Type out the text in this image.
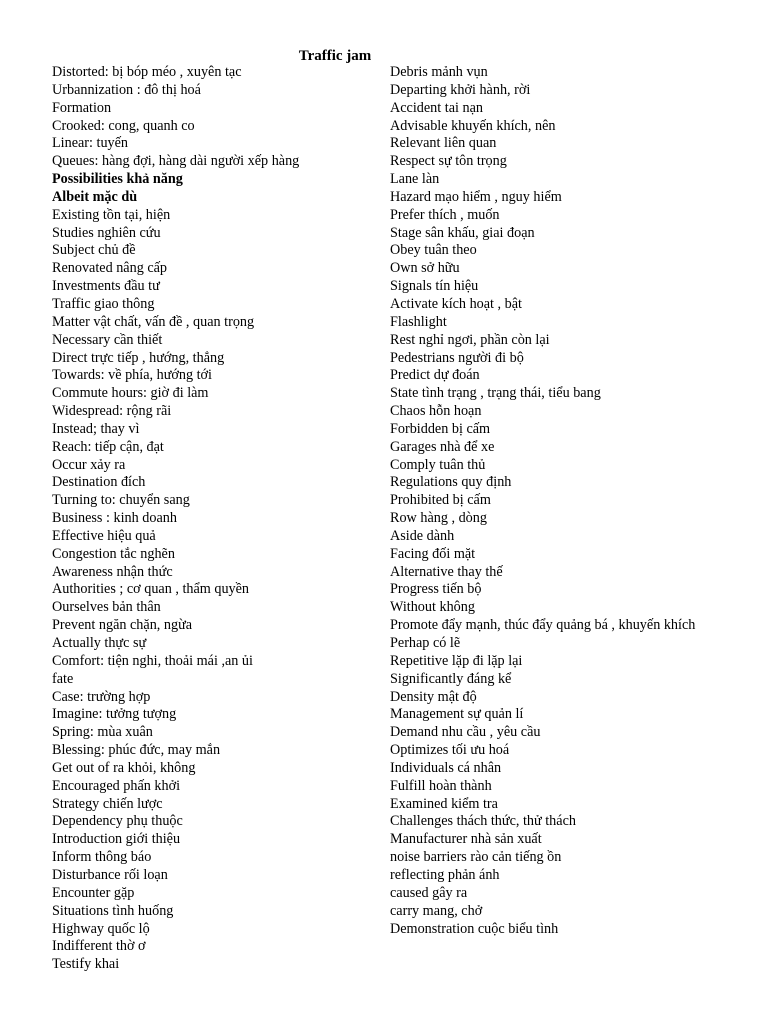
Traffic jam
Distorted: bị bóp méo , xuyên tạc
Urbannization : đô thị hoá
Formation
Crooked: cong, quanh co
Linear: tuyến
Queues: hàng đợi, hàng dài người xếp hàng
Possibilities khả năng
Albeit mặc dù
Existing tồn tại, hiện
Studies nghiên cứu
Subject chủ đề
Renovated nâng cấp
Investments đầu tư
Traffic giao thông
Matter vật chất, vấn đề , quan trọng
Necessary cần thiết
Direct trực tiếp , hướng, thẳng
Towards: về phía, hướng tới
Commute hours: giờ đi làm
Widespread: rộng rãi
Instead; thay vì
Reach: tiếp cận, đạt
Occur xảy ra
Destination đích
Turning to: chuyển sang
Business : kinh doanh
Effective hiệu quả
Congestion tắc nghẽn
Awareness nhận thức
Authorities ; cơ quan , thẩm quyền
Ourselves bản thân
Prevent ngăn chặn, ngừa
Actually thực sự
Comfort: tiện nghi, thoải mái ,an ủi
fate
Case: trường hợp
Imagine: tưởng tượng
Spring: mùa xuân
Blessing: phúc đức, may mắn
Get out of ra khỏi, không
Encouraged phấn khởi
Strategy chiến lược
Dependency phụ thuộc
Introduction giới thiệu
Inform thông báo
Disturbance rối loạn
Encounter gặp
Situations tình huống
Highway quốc lộ
Indifferent thờ ơ
Testify khai
Debris mảnh vụn
Departing khởi hành, rời
Accident tai nạn
Advisable khuyến khích, nên
Relevant liên quan
Respect sự tôn trọng
Lane làn
Hazard mạo hiểm , nguy hiểm
Prefer thích , muốn
Stage sân khấu, giai đoạn
Obey tuân theo
Own sở hữu
Signals tín hiệu
Activate kích hoạt , bật
Flashlight
Rest nghỉ ngơi, phần còn lại
Pedestrians người đi bộ
Predict dự đoán
State tình trạng , trạng thái, tiểu bang
Chaos hỗn hoạn
Forbidden bị cấm
Garages nhà để xe
Comply tuân thủ
Regulations quy định
Prohibited bị cấm
Row hàng , dòng
Aside dành
Facing đối mặt
Alternative thay thế
Progress tiến bộ
Without không
Promote đẩy mạnh, thúc đẩy quảng bá , khuyến khích
Perhap có lẽ
Repetitive lặp đi lặp lại
Significantly đáng kể
Density mật độ
Management sự quản lí
Demand nhu cầu , yêu cầu
Optimizes tối ưu hoá
Individuals cá nhân
Fulfill hoàn thành
Examined kiểm tra
Challenges thách thức, thử thách
Manufacturer nhà sản xuất
noise barriers rào cản tiếng ồn
reflecting phản ánh
caused gây ra
carry mang, chở
Demonstration cuộc biểu tình
